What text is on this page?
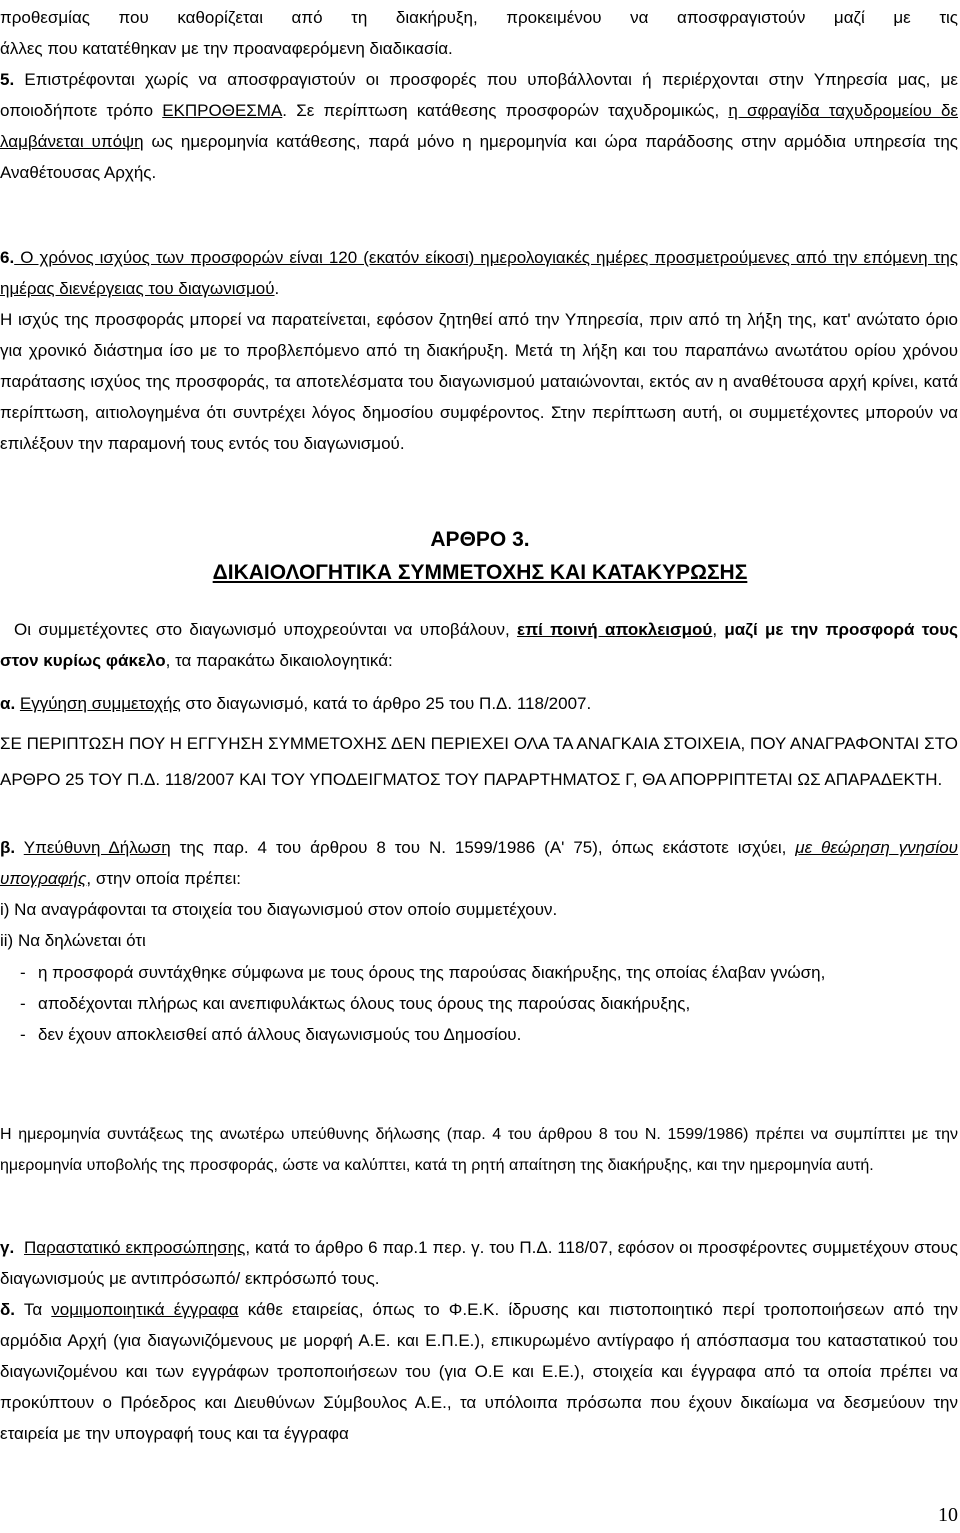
προθεσμίας που καθορίζεται από τη διακήρυξη, προκειμένου να αποσφραγιστούν μαζί με τις

άλλες που κατατέθηκαν με την προαναφερόμενη διαδικασία.

5. Επιστρέφονται χωρίς να αποσφραγιστούν οι προσφορές που υποβάλλονται ή περιέρχονται στην Υπηρεσία μας, με οποιοδήποτε τρόπο ΕΚΠΡΟΘΕΣΜΑ. Σε περίπτωση κατάθεσης προσφορών ταχυδρομικώς, η σφραγίδα ταχυδρομείου δε λαμβάνεται υπόψη ως ημερομηνία κατάθεσης, παρά μόνο η ημερομηνία και ώρα παράδοσης στην αρμόδια υπηρεσία της Αναθέτουσας Αρχής.

6. Ο χρόνος ισχύος των προσφορών είναι 120 (εκατόν είκοσι) ημερολογιακές ημέρες προσμετρούμενες από την επόμενη της ημέρας διενέργειας του διαγωνισμού.

Η ισχύς της προσφοράς μπορεί να παρατείνεται, εφόσον ζητηθεί από την Υπηρεσία, πριν από τη λήξη της, κατ' ανώτατο όριο για χρονικό διάστημα ίσο με το προβλεπόμενο από τη διακήρυξη. Μετά τη λήξη και του παραπάνω ανωτάτου ορίου χρόνου παράτασης ισχύος της προσφοράς, τα αποτελέσματα του διαγωνισμού ματαιώνονται, εκτός αν η αναθέτουσα αρχή κρίνει, κατά περίπτωση, αιτιολογημένα ότι συντρέχει λόγος δημοσίου συμφέροντος. Στην περίπτωση αυτή, οι συμμετέχοντες μπορούν να επιλέξουν την παραμονή τους εντός του διαγωνισμού.

ΑΡΘΡΟ 3.
ΔΙΚΑΙΟΛΟΓΗΤΙΚΑ ΣΥΜΜΕΤΟΧΗΣ ΚΑΙ ΚΑΤΑΚΥΡΩΣΗΣ

Οι συμμετέχοντες στο διαγωνισμό υποχρεούνται να υποβάλουν, επί ποινή αποκλεισμού, μαζί με την προσφορά τους στον κυρίως φάκελο, τα παρακάτω δικαιολογητικά:

α. Εγγύηση συμμετοχής στο διαγωνισμό, κατά το άρθρο 25 του Π.Δ. 118/2007.

ΣΕ ΠΕΡΙΠΤΩΣΗ ΠΟΥ Η ΕΓΓΥΗΣΗ ΣΥΜΜΕΤΟΧΗΣ ΔΕΝ ΠΕΡΙΕΧΕΙ ΟΛΑ ΤΑ ΑΝΑΓΚΑΙΑ ΣΤΟΙΧΕΙΑ, ΠΟΥ ΑΝΑΓΡΑΦΟΝΤΑΙ ΣΤΟ ΑΡΘΡΟ 25 ΤΟΥ Π.Δ. 118/2007 ΚΑΙ ΤΟΥ ΥΠΟΔΕΙΓΜΑΤΟΣ ΤΟΥ ΠΑΡΑΡΤΗΜΑΤΟΣ Γ, ΘΑ ΑΠΟΡΡΙΠΤΕΤΑΙ ΩΣ ΑΠΑΡΑΔΕΚΤΗ.

β. Υπεύθυνη Δήλωση της παρ. 4 του άρθρου 8 του Ν. 1599/1986 (Α' 75), όπως εκάστοτε ισχύει, με θεώρηση γνησίου υπογραφής, στην οποία πρέπει:

i) Να αναγράφονται τα στοιχεία του διαγωνισμού στον οποίο συμμετέχουν.

ii) Να δηλώνεται ότι

- η προσφορά συντάχθηκε σύμφωνα με τους όρους της παρούσας διακήρυξης, της οποίας έλαβαν γνώση,
- αποδέχονται πλήρως και ανεπιφυλάκτως όλους τους όρους της παρούσας διακήρυξης,
- δεν έχουν αποκλεισθεί από άλλους διαγωνισμούς του Δημοσίου.

Η ημερομηνία συντάξεως της ανωτέρω υπεύθυνης δήλωσης (παρ. 4 του άρθρου 8 του Ν. 1599/1986) πρέπει να συμπίπτει με την ημερομηνία υποβολής της προσφοράς, ώστε να καλύπτει, κατά τη ρητή απαίτηση της διακήρυξης, και την ημερομηνία αυτή.

γ. Παραστατικό εκπροσώπησης, κατά το άρθρο 6 παρ.1 περ. γ. του Π.Δ. 118/07, εφόσον οι προσφέροντες συμμετέχουν στους διαγωνισμούς με αντιπρόσωπό/ εκπρόσωπό τους.

δ. Τα νομιμοποιητικά έγγραφα κάθε εταιρείας, όπως το Φ.Ε.Κ. ίδρυσης και πιστοποιητικό περί τροποποιήσεων από την αρμόδια Αρχή (για διαγωνιζόμενους με μορφή Α.Ε. και Ε.Π.Ε.), επικυρωμένο αντίγραφο ή απόσπασμα του καταστατικού του διαγωνιζομένου και των εγγράφων τροποποιήσεων του (για Ο.Ε και Ε.Ε.), στοιχεία και έγγραφα από τα οποία πρέπει να προκύπτουν ο Πρόεδρος και Διευθύνων Σύμβουλος Α.Ε., τα υπόλοιπα πρόσωπα που έχουν δικαίωμα να δεσμεύουν την εταιρεία με την υπογραφή τους και τα έγγραφα

10
